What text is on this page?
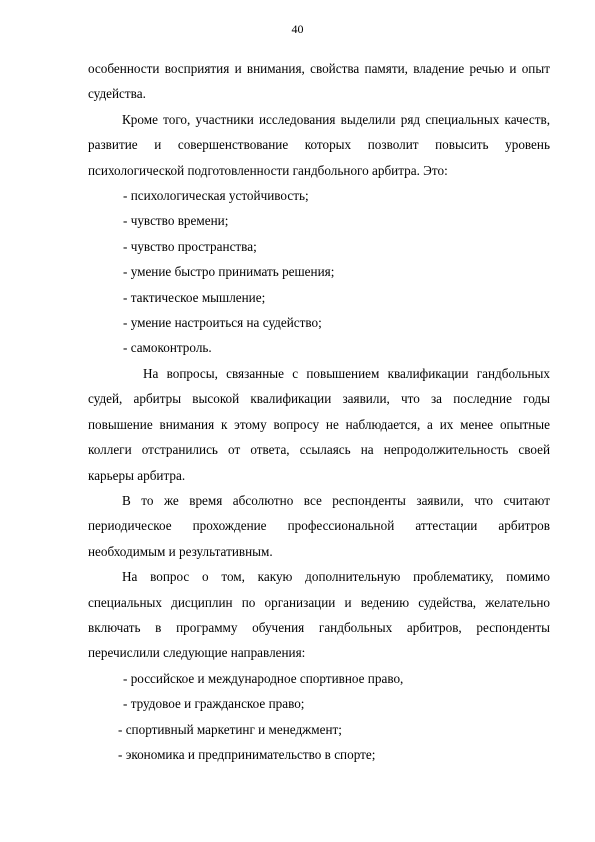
40

особенности восприятия и внимания, свойства памяти, владение речью и опыт судейства.

Кроме того, участники исследования выделили ряд специальных качеств, развитие и совершенствование которых позволит повысить уровень психологической подготовленности гандбольного арбитра. Это:

- психологическая устойчивость;

- чувство времени;

- чувство пространства;

- умение быстро принимать решения;

- тактическое мышление;

- умение настроиться на судейство;

- самоконтроль.

На вопросы, связанные с повышением квалификации гандбольных судей, арбитры высокой квалификации заявили, что за последние годы повышение внимания к этому вопросу не наблюдается, а их менее опытные коллеги отстранились от ответа, ссылаясь на непродолжительность своей карьеры арбитра.

В то же время абсолютно все респонденты заявили, что считают периодическое прохождение профессиональной аттестации арбитров необходимым и результативным.

На вопрос о том, какую дополнительную проблематику, помимо специальных дисциплин по организации и ведению судейства, желательно включать в программу обучения гандбольных арбитров, респонденты перечислили следующие направления:

- российское и международное спортивное право,

- трудовое и гражданское право;

- спортивный маркетинг и менеджмент;

- экономика и предпринимательство в спорте;
